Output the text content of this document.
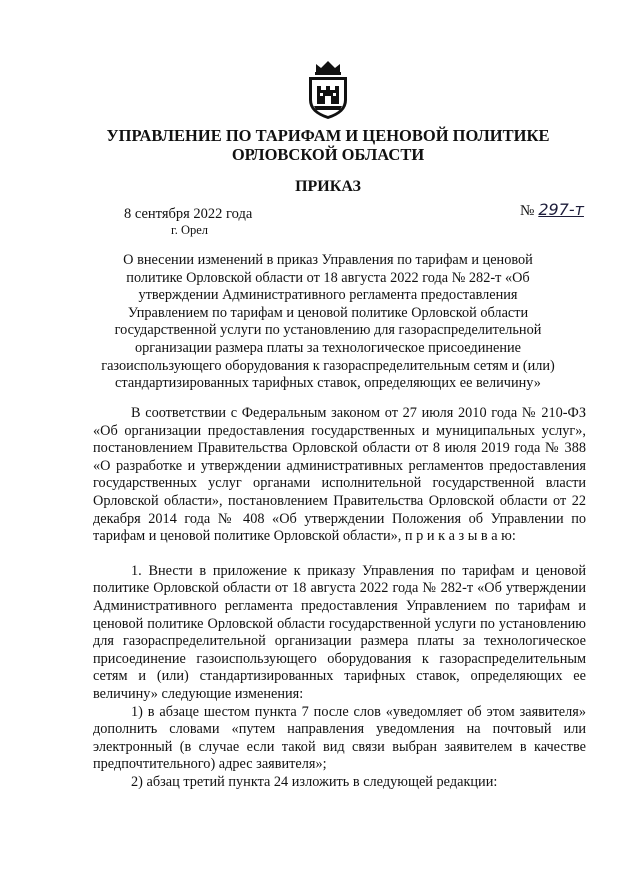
УПРАВЛЕНИЕ ПО ТАРИФАМ И ЦЕНОВОЙ ПОЛИТИКЕ
ОРЛОВСКОЙ ОБЛАСТИ
ПРИКАЗ
8 сентября 2022 года
г. Орел
№ 297-т
О внесении изменений в приказ Управления по тарифам и ценовой политике Орловской области от 18 августа 2022 года № 282-т «Об утверждении Административного регламента предоставления Управлением по тарифам и ценовой политике Орловской области государственной услуги по установлению для газораспределительной организации размера платы за технологическое присоединение газоиспользующего оборудования к газораспределительным сетям и (или) стандартизированных тарифных ставок, определяющих ее величину»

В соответствии с Федеральным законом от 27 июля 2010 года № 210-ФЗ «Об организации предоставления государственных и муниципальных услуг», постановлением Правительства Орловской области от 8 июля 2019 года № 388 «О разработке и утверждении административных регламентов предоставления государственных услуг органами исполнительной государственной власти Орловской области», постановлением Правительства Орловской области от 22 декабря 2014 года № 408 «Об утверждении Положения об Управлении по тарифам и ценовой политике Орловской области», п р и к а з ы в а ю:

1. Внести в приложение к приказу Управления по тарифам и ценовой политике Орловской области от 18 августа 2022 года № 282-т «Об утверждении Административного регламента предоставления Управлением по тарифам и ценовой политике Орловской области государственной услуги по установлению для газораспределительной организации размера платы за технологическое присоединение газоиспользующего оборудования к газораспределительным сетям и (или) стандартизированных тарифных ставок, определяющих ее величину» следующие изменения:

1) в абзаце шестом пункта 7 после слов «уведомляет об этом заявителя» дополнить словами «путем направления уведомления на почтовый или электронный (в случае если такой вид связи выбран заявителем в качестве предпочтительного) адрес заявителя»;

2) абзац третий пункта 24 изложить в следующей редакции:
